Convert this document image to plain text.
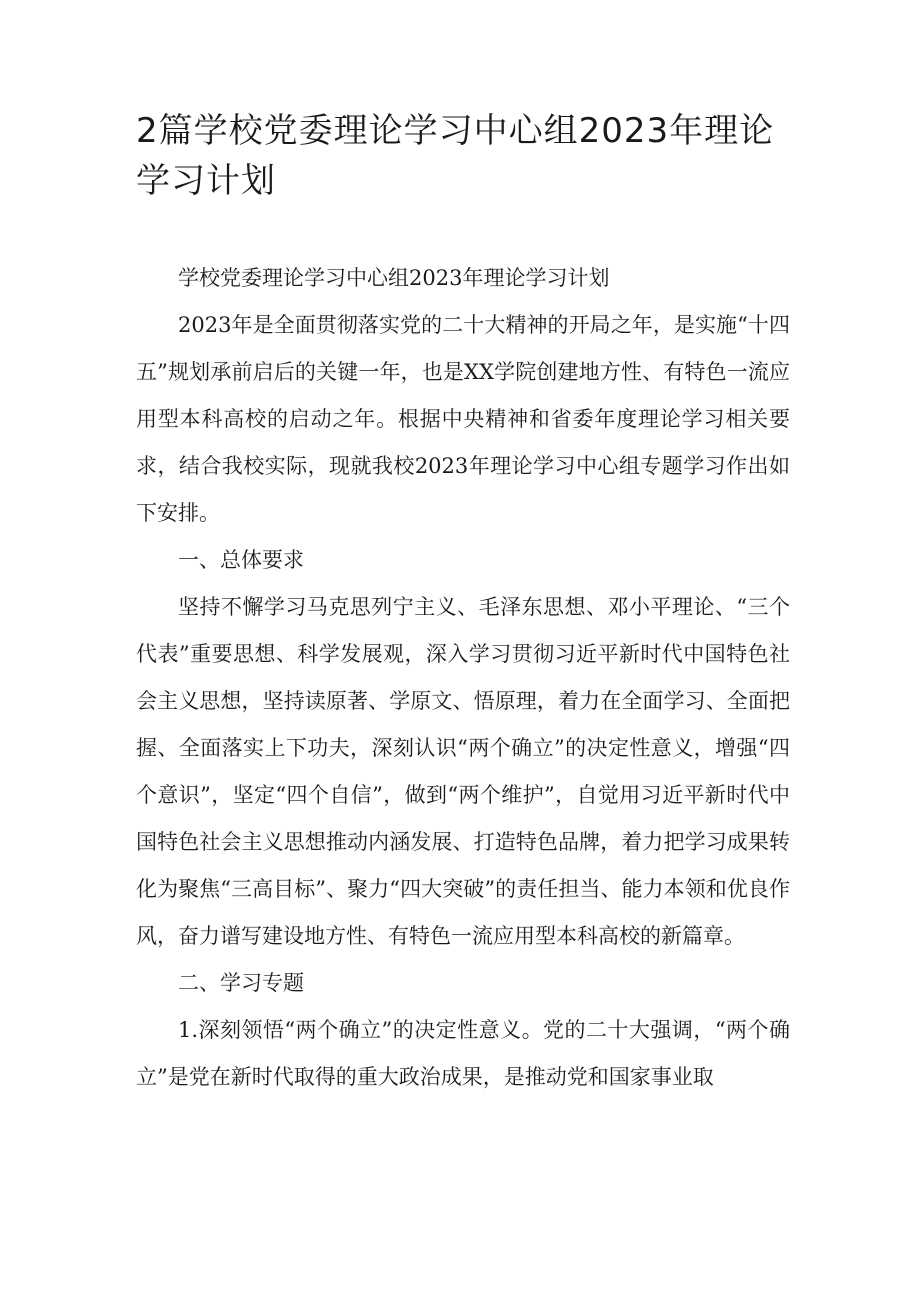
2篇学校党委理论学习中心组2023年理论学习计划

学校党委理论学习中心组2023年理论学习计划

2023年是全面贯彻落实党的二十大精神的开局之年，是实施“十四五”规划承前启后的关键一年，也是XX学院创建地方性、有特色一流应用型本科高校的启动之年。根据中央精神和省委年度理论学习相关要求，结合我校实际，现就我校2023年理论学习中心组专题学习作出如下安排。

一、总体要求

坚持不懈学习马克思列宁主义、毛泽东思想、邓小平理论、“三个代表”重要思想、科学发展观，深入学习贯彻习近平新时代中国特色社会主义思想，坚持读原著、学原文、悟原理，着力在全面学习、全面把握、全面落实上下功夫，深刻认识“两个确立”的决定性意义，增强“四个意识”，坚定“四个自信”，做到“两个维护”，自觉用习近平新时代中国特色社会主义思想推动内涵发展、打造特色品牌，着力把学习成果转化为聚焦“三高目标”、聚力“四大突破”的责任担当、能力本领和优良作风，奋力谱写建设地方性、有特色一流应用型本科高校的新篇章。

二、学习专题

1.深刻领悟“两个确立”的决定性意义。党的二十大强调，“两个确立”是党在新时代取得的重大政治成果，是推动党和国家事业取
